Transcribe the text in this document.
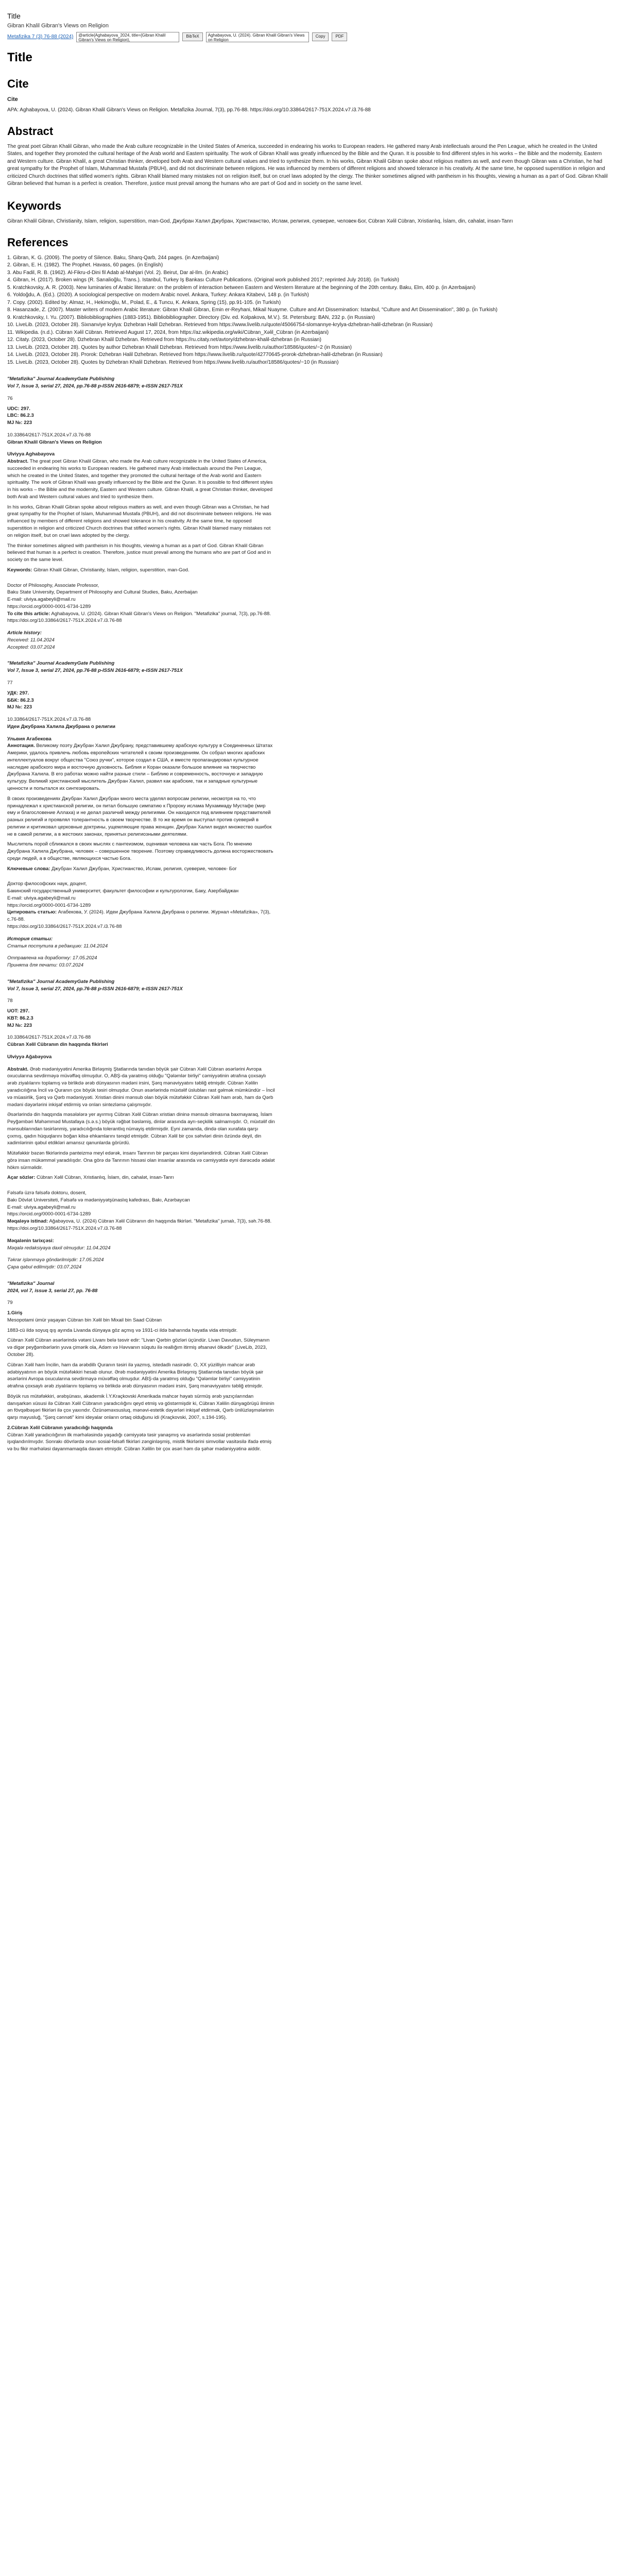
Title
Gibran Khalil Gibran's Views on Religion
Metafizika 7 (3) 76-88 (2024)	@article{Aghabayova_2024, title={Gibran Khalil Gibran's Views on Religion},
BibTeX	Aghabayova, U. (2024). Gibran Khalil Gibran's Views on Religion
Copy	PDF
Title
Cite
Cite

APA: Aghabayova, U. (2024). Gibran Khalil Gibran's Views on Religion. Metafizika Journal, 7(3), pp.76-88. https://doi.org/10.33864/2617-751X.2024.v7.i3.76-88

Abstract

The great poet Gibran Khalil Gibran, who made the Arab culture recognizable in the United States of America, succeeded in endearing his works to European readers. He gathered many Arab intellectuals around the Pen League, which he created in the United States, and together they promoted the cultural heritage of the Arab world and Eastern spirituality. The work of Gibran Khalil was greatly influenced by the Bible and the Quran. It is possible to find different styles in his works – the Bible and the modernity, Eastern and Western culture. Gibran Khalil, a great Christian thinker, developed both Arab and Western cultural values and tried to synthesize them. In his works, Gibran Khalil Gibran spoke about religious matters as well, and even though Gibran was a Christian, he had great sympathy for the Prophet of Islam, Muhammad Mustafa (PBUH), and did not discriminate between religions. He was influenced by members of different religions and showed tolerance in his creativity. At the same time, he opposed superstition in religion and criticized Church doctrines that stifled women's rights. Gibran Khalil blamed many mistakes not on religion itself, but on cruel laws adopted by the clergy. The thinker sometimes aligned with pantheism in his thoughts, viewing a human as a part of God. Gibran Khalil Gibran believed that human is a perfect is creation. Therefore, justice must prevail among the humans who are part of God and in society on the same level.

Keywords

Gibran Khalil Gibran, Christianity, Islam, religion, superstition, man-God, Джубран Халил Джубран, Христианство, Ислам, религия, суеверие, человек-Бог, Cübran Xəlil Cübran, Xristianlıq, İslam, din, cahalat, insan-Tanrı

References
1. Gibran, K. G. (2009). The poetry of Silence. Baku, Sharq-Qarb, 244 pages. (in Azerbaijani)
2. Gibran, E. H. (1982). The Prophet. Havass, 60 pages. (in English)
3. Abu Fadil, R. B. (1962). Al-Fikru-d-Dini fil Adab al-Mahjari (Vol. 2). Beirut, Dar al-Ilm. (in Arabic)
4. Gibran, H. (2017). Broken wings (R. Sarıalioğlu, Trans.). Istanbul, Turkey Iş Bankası Culture Publications. (Original work published 2017; reprinted July 2018). (in Turkish)
5. Kratchkovsky, A. R. (2003). New luminaries of Arabic literature: on the problem of interaction between Eastern and Western literature at the beginning of the 20th century. Baku, Elm, 400 p. (in Azerbaijani)
6. Yoldoğdu, A. (Ed.). (2020). A sociological perspective on modern Arabic novel. Ankara, Turkey: Ankara Kitabevi, 148 p. (in Turkish)
7. Copy. (2002). Edited by: Almaz, H., Hekimoğlu, M., Polad, E., & Tuncu, K. Ankara, Spring (15), pp.91-105. (in Turkish)
8. Hasanzade, Z. (2007). Master writers of modern Arabic literature: Gibran Khalil Gibran, Emin er-Reyhani, Mikail Nuayme. Culture and Art Dissemination: Istanbul, "Culture and Art Dissemination", 380 p. (in Turkish)
9. Kratchkovsky, I. Yu. (2007). Bibliobibliographies (1883-1951). Bibliobibliographer. Directory (Div. ed. Kolpakova, M.V.). St. Petersburg: BAN, 232 p. (in Russian)
10. LiveLib. (2023, October 28). Sixnanviye krylya: Dzhebran Halil Dzhebran. Retrieved from https://www.livelib.ru/quote/45066754-slomannye-krylya-dzhebran-halil-dzhebran (in Russian)
11. Wikipedia. (n.d.). Cübran Xəlil Cübran. Retrieved August 17, 2024, from https://az.wikipedia.org/wiki/Cübran_Xəlil_Cübran (in Azerbaijani)
12. Citaty. (2023, October 28). Dzhebran Khalil Dzhebran. Retrieved from https://ru.citaty.net/avtory/dzhebran-khalil-dzhebran (in Russian)
13. LiveLib. (2023, October 28). Quotes by author Dzhebran Khalil Dzhebran. Retrieved from https://www.livelib.ru/author/18586/quotes/~2 (in Russian)
14. LiveLib. (2023, October 28). Prorok: Dzhebran Halil Dzhebran. Retrieved from https://www.livelib.ru/quote/42770645-prorok-dzhebran-halil-dzhebran (in Russian)
15. LiveLib. (2023, October 28). Quotes by Dzhebran Khalil Dzhebran. Retrieved from https://www.livelib.ru/author/18586/quotes/~10 (in Russian)
"Metafizika" Journal AcademyGate Publishing
Vol 7, Issue 3, serial 27, 2024, pp.76-88 p-ISSN 2616-6879; e-ISSN 2617-751X

76

UDC: 297.
LBC: 86.2.3
MJ №: 223
10.33864/2617-751X.2024.v7.i3.76-88
Gibran Khalil Gibran's Views on Religion
Ulviyya Aghabayova

Abstract. The great poet Gibran Khalil Gibran, who made the Arab culture recognizable in the United States of America, succeeded in endearing his works to European readers. He gathered many Arab intellectuals around the Pen League, which he created in the United States, and together they promoted the cultural heritage of the Arab world and Eastern spirituality. The work of Gibran Khalil was greatly influenced by the Bible and the Quran. It is possible to find different styles in his works – the Bible and the modernity, Eastern and Western culture. Gibran Khalil, a great Christian thinker, developed both Arab and Western cultural values and tried to synthesize them.

In his works, Gibran Khalil Gibran spoke about religious matters as well, and even though Gibran was a Christian, he had great sympathy for the Prophet of Islam, Muhammad Mustafa (PBUH), and did not discriminate between religions. He was influenced by members of different religions and showed tolerance in his creativity. At the same time, he opposed superstition in religion and criticized Church doctrines that stifled women's rights. Gibran Khalil blamed many mistakes not on religion itself, but on cruel laws adopted by the clergy.

The thinker sometimes aligned with pantheism in his thoughts, viewing a human as a part of God. Gibran Khalil Gibran believed that human is a perfect is creation. Therefore, justice must prevail among the humans who are part of God and in society on the same level.

Keywords: Gibran Khalil Gibran, Christianity, Islam, religion, superstition, man-God.

Doctor of Philosophy, Associate Professor,
Baku State University, Department of Philosophy and Cultural Studies, Baku, Azerbaijan
E-mail: ulviya.agabeyli@mail.ru
https://orcid.org/0000-0001-6734-1289
To cite this article: Aghabayova, U. (2024). Gibran Khalil Gibran's Views on Religion. "Metafizika" journal, 7(3), pp.76-88.
https://doi.org/10.33864/2617-751X.2024.v7.i3.76-88
Article history:
Received: 11.04.2024
Accepted: 03.07.2024
"Metafizika" Journal AcademyGate Publishing
Vol 7, Issue 3, serial 27, 2024, pp.76-88 p-ISSN 2616-6879; e-ISSN 2617-751X

77

УДК: 297.
ББК: 86.2.3
MJ №: 223
10.33864/2617-751X.2024.v7.i3.76-88
Идеи Джубрана Халила Джубрана о религии
Ульвия Агабекова

Аннотация. Великому поэту Джубран Халил Джубрану, представившему арабскую культуру в Соединенных Штатах Америки, удалось привлечь любовь европейских читателей к своим произведениям. Он собрал многих арабских интеллектуалов вокруг общества "Союз ручки", которое создал в США, и вместе пропагандировал культурное наследие арабского мира и восточную духовность. Библия и Коран оказали большое влияние на творчество Джубрана Халила. В его работах можно найти разные стили – Библию и современность, восточную и западную культуру. Великий христианский мыслитель Джубран Халил, развил как арабские, так и западные культурные ценности и попытался их синтезировать.

В своих произведениях Джубран Халил Джубран много места уделял вопросам религии, несмотря на то, что принадлежал к христианской религии, он питал большую симпатию к Пророку ислама Мухаммаду Мустафе (мир ему и благословение Аллаха) и не делал различий между религиями. Он находился под влиянием представителей разных религий и проявлял толерантность в своем творчестве. В то же время он выступал против суеверий в религии и критиковал церковные доктрины, ущемляющие права женщин. Джубран Халил видел множество ошибок не в самой религии, а в жестоких законах, принятых религиозными деятелями.

Мыслитель порой сближался в своих мыслях с пантеизмом, оценивая человека как часть Бога. По мнению Джубрана Халила Джубрана, человек – совершенное творение. Поэтому справедливость должна восторжествовать среди людей, а в обществе, являющихся частью Бога.

Ключевые слова: Джубран Халил Джубран, Христианство, Ислам, религия, суеверие, человек- Бог

Доктор философских наук, доцент,
Бакинский государственный университет, факультет философии и культурологии, Баку, Азербайджан
E-mail: ulviya.agabeyli@mail.ru
https://orcid.org/0000-0001-6734-1289
Цитировать статью: Агабекова, У. (2024). Идеи Джубрана Халила Джубрана о религии. Журнал «Metafizika», 7(3), c.76-88.
https://doi.org/10.33864/2617-751X.2024.v7.i3.76-88
История статьи:
Статья поступила в редакцию: 11.04.2024
Отправлена на доработку: 17.05.2024
Принята для печати: 03.07.2024
"Metafizika" Journal AcademyGate Publishing
Vol 7, Issue 3, serial 27, 2024, pp.76-88 p-ISSN 2616-6879; e-ISSN 2617-751X

78

UOT: 297.
KBT: 86.2.3
MJ №: 223
10.33864/2617-751X.2024.v7.i3.76-88
Cübran Xəlil Cübranın din haqqında fikirləri
Ulviyyə Ağabəyova

Abstrakt. Ərəb mədəniyyətini Amerika Birləşmiş Ştatlarında tanıdan böyük şair Cübran Xəlil Cübran əsərlərini Avropa oxucularına sevdirməyə müvəffəq olmuşdur. O, ABŞ-da yaratmış olduğu "Qələmlər birliyi" cəmiyyətinin ətrafına çoxsaylı ərəb ziyalılarını toplamış və birlikdə ərəb dünyasının mədəni irsini, Şərq mənəviyyatını təbliğ etmişdir. Cübran Xəlilin yaradıcılığına İncil və Quranın çox böyük təsiri olmuşdur. Onun əsərlərində müxtəlif üslubları rast gəlmək mümkündür – İncil və müasirlik, Şərq və Qərb mədəniyyəti. Xristian dinini mənsub olan böyük mütəfəkkir Cübran Xəlil ham ərəb, ham də Qərb mədəni dəyərlərini inkişaf etdirmiş və onları sintezləmə çalışmışdır.

Əsərlərində din haqqında məsələlərə yer ayırmış Cübran Xəlil Cübran xristian dininə mənsub olmasına baxmayaraq, İslam Peyğəmbəri Məhəmməd Mustafaya (s.ə.s.) böyük rəğbət bəsləmiş, dinlər arasında ayrı-seçkilik salmamışdır. O, müxtəlif din mənsublarından təsirlənmiş, yaradıcılığında tolerantlıq nümayiş etdirmişdir. Eyni zamanda, dində olan xurafata qarşı çıxmış, qadın hüquqlarını boğan kilsə ehkamlarını tənqid etmişdir. Cübran Xəlil bir çox səhvləri dinin özündə deyil, din xadimlərinin qəbul etdikləri amansız qanunlarda görürdü.

Mütəfəkkir bəzən fikirlərində panteizmə meyl edərək, insanı Tanrının bir parçası kimi dəyərləndirirdi. Cübran Xəlil Cübran görə insan mükəmməl yaradılışdır. Ona görə də Tanrının hissəsi olan insanlar arasında və cəmiyyətdə eyni dərəcədə ədalət hökm sürməlidir.

Açar sözlər: Cübran Xəlil Cübran, Xristianlıq, İslam, din, cahalət, insan-Tanrı

Fəlsəfə üzrə fəlsəfə doktoru, dosent,
Bakı Dövlət Universiteti, Fəlsəfə və mədəniyyətşünaslıq kafedrası, Bakı, Azərbaycan
E-mail: ulviya.agabeyli@mail.ru
https://orcid.org/0000-0001-6734-1289
Məqaləyə istinad: Ağabəyova, U. (2024) Cübran Xəlil Cübranın din haqqında fikirləri. "Metafizika" jurnalı, 7(3), səh.76-88.
https://doi.org/10.33864/2617-751X.2024.v7.i3.76-88
Məqalənin tarixçəsi:
Məqalə redaksiyaya daxil olmuşdur: 11.04.2024
Təkrar işlənməyə göndərilmişdir: 17.05.2024
Çapa qəbul edilmişdir: 03.07.2024
"Metafizika" Journal
2024, vol 7, issue 3, serial 27, pp. 76-88

79

1.Giriş

Mesopotami ümür yaşayan Cübran bin Xəlil bin Mixail bin Saad Cübran

1883-cü ildə soyuq qış ayında Livanda dünyaya göz açmış və 1931-ci ildə baharında həyatla vida etmişdir.

Cübran Xəlil Cübran əsərlərində vətəni Livanı belə təsvir edir: "Livan Qərbin gözləri üçündür. Livan Davudun, Süleymanın və digər peyğəmbərlərin yuva çimərik ola, Adəm və Həvvanın süqutu ilə reallığım itirmiş əfsanəvi ölkədir" (LiveLib, 2023, October 28).

Cübran Xəlil ham İncilin, ham da ərəbdillı Quranın təsiri ilə yazmış, istedadlı nasirədir. O, XX yüzilliyin mahcər ərəb ədəbiyyatının ən böyük mütəfəkkiri hesab olunur. Ərəb mədəniyyətini Amerika Birləşmiş Ştatlarında tanıdan böyük şair əsərlərini Avropa oxucularına sevdirməyə müvəffəq olmuşdur. ABŞ-da yaratmış olduğu "Qələmlər birliyi" cəmiyyətinin ətrafına çoxsaylı ərəb ziyalılarını toplamış və birlikdə ərəb dünyasının mədəni irsini, Şərq mənəviyyatını təbliğ etmişdir.

Böyük rus mütəfəkkiri, ərəbşünası, akademik İ.Y.Kraçkovski Amerikada mahcər həyatı sürmüş ərəb yazıçılarından danışarkən xüsusi ilə Cübran Xəlil Cübranın yaradıcılığını qeyd etmiş və göstərmişdir ki, Cübran Xəlilin dünyagörüşü ilminin ən fövqəlbəşəri fikirləri ilə çox yaxındır. Özünəməxsusluq, mənəvi-estetik dəyərləri inkişaf etdirmək, Qərb ünilüzləşmələrinin qarşı mayusluğ, "Şərq cənnəti" kimi ideyalar onların ortaq olduğunu idi (Kraçkovski, 2007, s.194-195).

2.Cübran Xəlil Cübranın yaradıcılığı haqqında

Cübran Xəlil yaradıcılığının ilk mərhələsində yaşadığı cəmiyyətə təsir yanaşmış və əsərlərində sosial problemləri işıqlandırılmışdır. Sonrakı dövrlərdə onun sosial-fəlsəfi fikirləri zənginləşmiş, mistik fikirlərini simvollar vasitəsilə ifadə etmiş və bu fikir mərhələsi dayanmamaqda davam etmişdir. Cübran Xəlilin bir çox əsəri həm də şəhər mədəniyyətinə aiddir.
